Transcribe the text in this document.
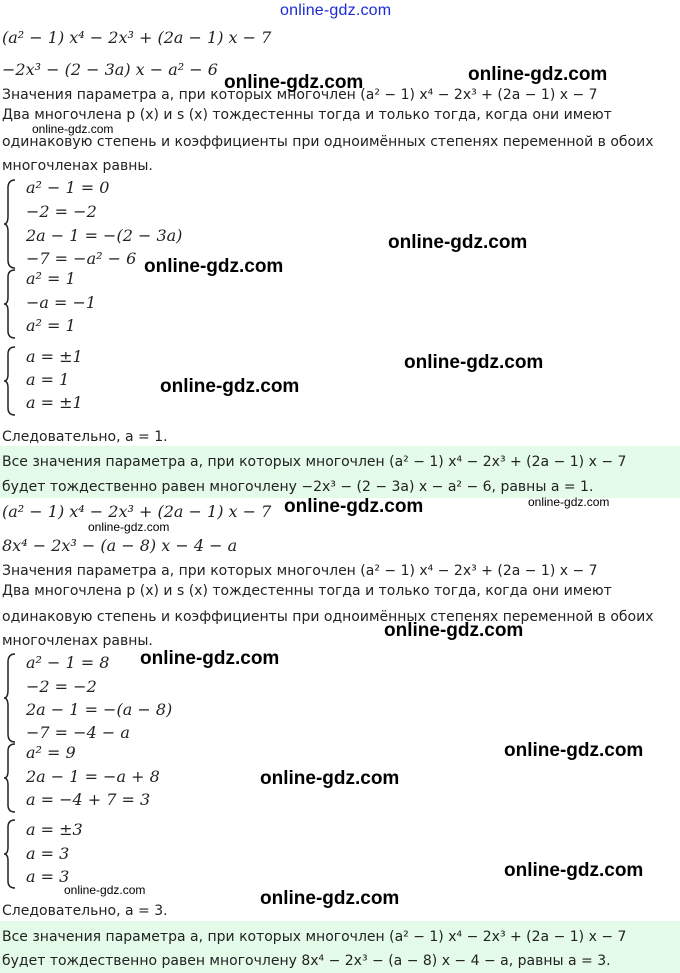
online-gdz.com
(a² − 1) x⁴ − 2x³ + (2a − 1) x − 7
−2x³ − (2 − 3a) x − a² − 6
Значения параметра a, при которых многочлен (a² − 1) x⁴ − 2x³ + (2a − 1) x − 7
Два многочлена p (x) и s (x) тождестенны тогда и только тогда, когда они имеют
одинаковую степень и коэффициенты при одноимённых степенях переменной в обоих
многочленах равны.
a² − 1 = 0
−2 = −2
2a − 1 = −(2 − 3a)
−7 = −a² − 6
a² = 1
−a = −1
a² = 1
a = ±1
a = 1
a = ±1
Следовательно, a = 1.
Все значения параметра a, при которых многочлен (a² − 1) x⁴ − 2x³ + (2a − 1) x − 7
будет тождественно равен многочлену −2x³ − (2 − 3a) x − a² − 6, равны a = 1.
(a² − 1) x⁴ − 2x³ + (2a − 1) x − 7
8x⁴ − 2x³ − (a − 8) x − 4 − a
Значения параметра a, при которых многочлен (a² − 1) x⁴ − 2x³ + (2a − 1) x − 7
Два многочлена p (x) и s (x) тождестенны тогда и только тогда, когда они имеют
одинаковую степень и коэффициенты при одноимённых степенях переменной в обоих
многочленах равны.
a² − 1 = 8
−2 = −2
2a − 1 = −(a − 8)
−7 = −4 − a
a² = 9
2a − 1 = −a + 8
a = −4 + 7 = 3
a = ±3
a = 3
a = 3
Следовательно, a = 3.
Все значения параметра a, при которых многочлен (a² − 1) x⁴ − 2x³ + (2a − 1) x − 7
будет тождественно равен многочлену 8x⁴ − 2x³ − (a − 8) x − 4 − a, равны a = 3.
online-gdz.com	online-gdz.com
online-gdz.com
online-gdz.com
online-gdz.com
online-gdz.com
online-gdz.com
online-gdz.com	online-gdz.com
online-gdz.com
online-gdz.com
online-gdz.com
online-gdz.com
online-gdz.com
online-gdz.com
online-gdz.com	online-gdz.com
